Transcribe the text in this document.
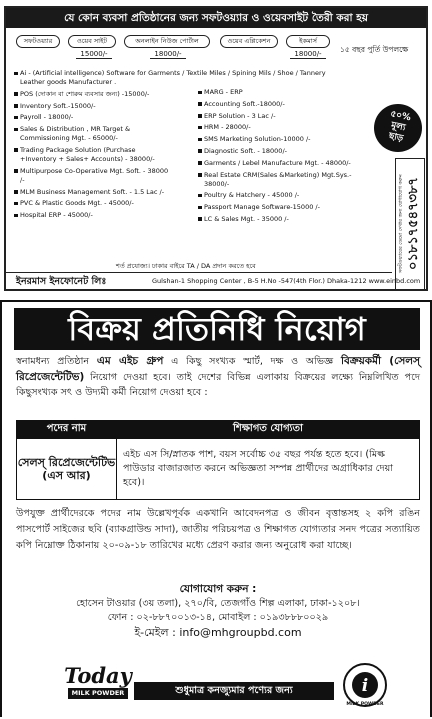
যে কোন ব্যবসা প্রতিষ্ঠানের জন্য সফটওয়্যার ও ওয়েবসাইট তৈরী করা হয়
সফটওয়্যার	ওয়েব সাইট
15000/-
অনলাইন নিউজ পোর্টাল
18000/-
ওয়েব এপ্লিকেশন	ইকমার্স
18000/-	১৫ বছর পুর্তি উপলক্ষে
Ai - (Artificial intelligence) Software for Garments / Textile Miles / Spining Mils / Shoe / Tannery Leather goods Manufacturer .
POS (দোকান বা শোরুম ব্যবসার জন্য) -15000/-
Inventory Soft.-15000/-
Payroll - 18000/-
Sales & Distribution , MR Target & Commissioning Mgt. - 65000/-
Trading Package Solution (Purchase +Inventory + Sales+ Accounts) - 38000/-
Multipurpose Co-Operative Mgt. Soft. - 38000 /-
MLM Business Management Soft. - 1.5 Lac /-
PVC & Plastic Goods Mgt. - 45000/-
Hospital ERP - 45000/-
MARG - ERP
Accounting Soft.-18000/-
ERP Solution - 3 Lac /-
HRM - 28000/-
SMS Marketing Solution-10000 /-
Diagnostic Soft. - 18000/-
Garments / Lebel Manufacture Mgt. - 48000/-
Real Estate CRM(Sales &Marketing) Mgt.Sys.- 38000/-
Poultry & Hatchery - 45000 /-
Passport Manage Software-15000 /-
LC & Sales Mgt. - 35000 /-
৫০%
মূল্য
ছাড়
সফটওয়্যারের ডেমো দেখার জন্য যোগাযোগ করুন ০১৮১৭৫৪৭৩৮৭
শর্ত প্রযোজ্য। ঢাকার বাইরে TA / DA প্রদান করতে হবে
ইনরমাস ইনফোনেট লিঃ	Gulshan-1 Shopping Center , B-5 H.No -547(4th Flor.) Dhaka-1212 www.einbd.com
বিক্রয় প্রতিনিধি নিয়োগ

স্বনামধন্য প্রতিষ্ঠান এম এইচ গ্রুপ এ কিছু সংখ্যক স্মার্ট, দক্ষ ও অভিজ্ঞ বিক্রয়কর্মী (সেলস্ রিপ্রেজেন্টেটিভ) নিয়োগ দেওয়া হবে। তাই দেশের বিভিন্ন এলাকায় বিক্রয়ের লক্ষ্যে নিম্নলিখিত পদে কিছুসংখ্যক সৎ ও উদ্যমী কর্মী নিয়োগ দেওয়া হবে :

পদের নাম	শিক্ষাগত যোগ্যতা
সেলস্ রিপ্রেজেন্টেটিভ (এস আর)	এইচ এস সি/স্নাতক পাশ, বয়স সর্বোচ্চ ৩৫ বছর পর্যন্ত হতে হবে। (মিল্ক পাউডার বাজারজাত করনে অভিজ্ঞতা সম্পন্ন প্রার্থীদের অগ্রাধিকার দেয়া হবে)।

উপযুক্ত প্রার্থীদেরকে পদের নাম উল্লেখপূর্বক একখানি আবেদনপত্র ও জীবন বৃত্তান্তসহ ২ কপি রঙিন পাসপোর্ট সাইজের ছবি (ব্যাকগ্রাউন্ড সাদা), জাতীয় পরিচয়পত্র ও শিক্ষাগত যোগ্যতার সনদ পত্রের সত্যায়িত কপি নিম্নোক্ত ঠিকানায় ২০-০৯-১৮ তারিখের মধ্যে প্রেরণ করার জন্য অনুরোধ করা যাচ্ছে।

যোগাযোগ করুন :
হোসেন টাওয়ার (৩য় তলা), ২৭০/বি, তেজগাঁও শিল্প এলাকা, ঢাকা-১২০৮।
ফোন : ০২-৮৮৭০০১৩-১৪, মোবাইল : ০১৯৩৮৮৮০০২৯
ই-মেইল : info@mhgroupbd.com
Today
MILK POWDER	শুধুমাত্র কনজ্যুমার পণ্যের জন্য	i
MILK POWDER
